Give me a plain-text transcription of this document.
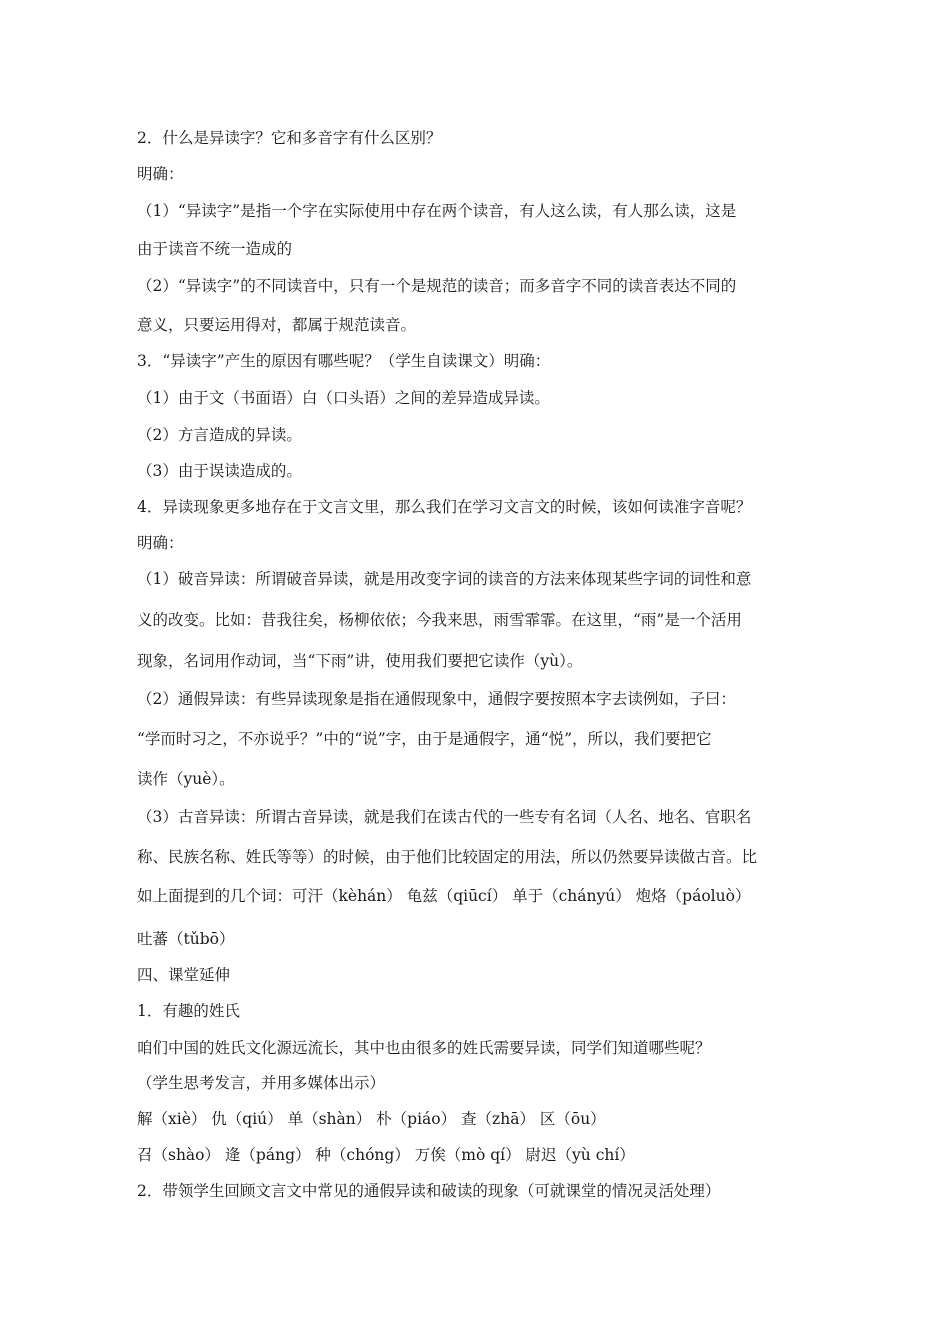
2．什么是异读字？它和多音字有什么区别？
明确：
（1）“异读字”是指一个字在实际使用中存在两个读音，有人这么读，有人那么读，这是
由于读音不统一造成的
（2）“异读字”的不同读音中，只有一个是规范的读音；而多音字不同的读音表达不同的
意义，只要运用得对，都属于规范读音。
3．“异读字”产生的原因有哪些呢？（学生自读课文）明确：
（1）由于文（书面语）白（口头语）之间的差异造成异读。
（2）方言造成的异读。
（3）由于误读造成的。
4．异读现象更多地存在于文言文里，那么我们在学习文言文的时候，该如何读准字音呢？
明确：
（1）破音异读：所谓破音异读，就是用改变字词的读音的方法来体现某些字词的词性和意
义的改变。比如：昔我往矣，杨柳依依；今我来思，雨雪霏霏。在这里，“雨”是一个活用
现象，名词用作动词，当“下雨”讲，使用我们要把它读作（yù）。
（2）通假异读：有些异读现象是指在通假现象中，通假字要按照本字去读例如，子曰：
“学而时习之，不亦说乎？”中的“说”字，由于是通假字，通“悦”，所以，我们要把它
读作（yuè）。
（3）古音异读：所谓古音异读，就是我们在读古代的一些专有名词（人名、地名、官职名
称、民族名称、姓氏等等）的时候，由于他们比较固定的用法，所以仍然要异读做古音。比
如上面提到的几个词：可汗（kèhán） 龟兹（qiūcí） 单于（chányú） 炮烙（páoluò）
吐蕃（tǔbō）
四、课堂延伸
1．有趣的姓氏
咱们中国的姓氏文化源远流长，其中也由很多的姓氏需要异读，同学们知道哪些呢？
（学生思考发言，并用多媒体出示）
解（xiè） 仇（qiú） 单（shàn） 朴（piáo） 查（zhā） 区（ōu）
召（shào） 逄（páng） 种（chóng） 万俟（mò qí） 尉迟（yù chí）
2．带领学生回顾文言文中常见的通假异读和破读的现象（可就课堂的情况灵活处理）
